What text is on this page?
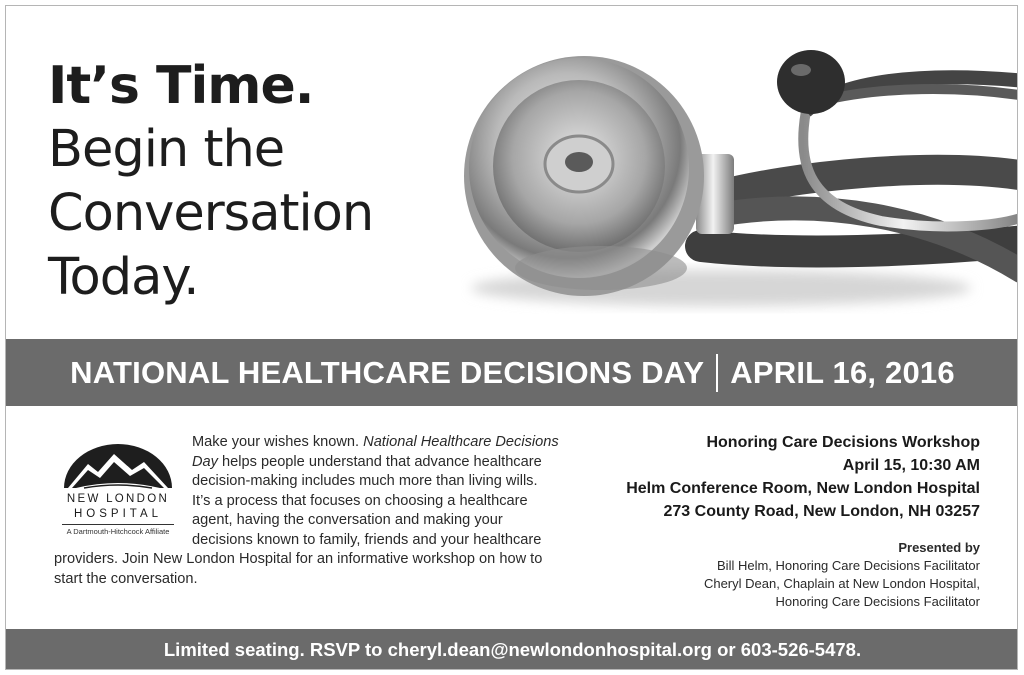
It’s Time.
Begin the
Conversation
Today.
NATIONAL HEALTHCARE DECISIONS DAY APRIL 16, 2016
NEW LONDON
HOSPITAL
A Dartmouth-Hitchcock Affiliate
Make your wishes known. National Healthcare Decisions Day helps people understand that advance healthcare decision-making includes much more than living wills. It’s a process that focuses on choosing a healthcare agent, having the conversation and making your decisions known to family, friends and your healthcare providers. Join New London Hospital for an informative workshop on how to start the conversation.
Honoring Care Decisions Workshop
April 15, 10:30 AM
Helm Conference Room, New London Hospital
273 County Road, New London, NH 03257
Presented by
Bill Helm, Honoring Care Decisions Facilitator
Cheryl Dean, Chaplain at New London Hospital,
Honoring Care Decisions Facilitator
Limited seating. RSVP to cheryl.dean@newlondonhospital.org or 603-526-5478.
